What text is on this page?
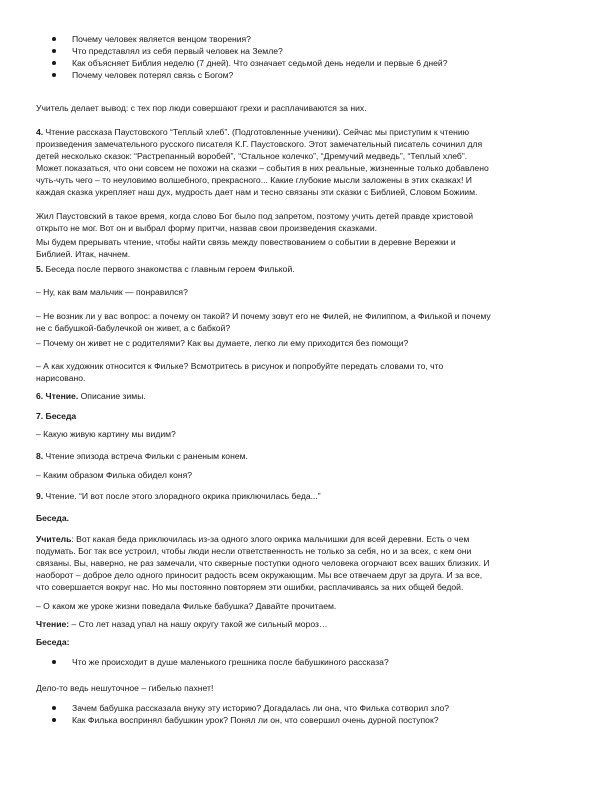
Почему человек является венцом творения?
Что представлял из себя первый человек на Земле?
Как объясняет Библия неделю (7 дней). Что означает седьмой день недели и первые 6 дней?
Почему человек потерял связь с Богом?

Учитель делает вывод: с тех пор люди совершают грехи и расплачиваются за них.

4. Чтение рассказа Паустовского “Теплый хлеб”. (Подготовленные ученики). Сейчас мы приступим к чтению
произведения замечательного русского писателя К.Г. Паустовского. Этот замечательный писатель сочинил для
детей несколько сказок: “Растрепанный воробей”, “Стальное колечко”, “Дремучий медведь”, “Теплый хлеб”.
Может показаться, что они совсем не похожи на сказки – события в них реальные, жизненные только добавлено
чуть-чуть чего – то неуловимо волшебного, прекрасного... Какие глубокие мысли заложены в этих сказках! И
каждая сказка укрепляет наш дух, мудрость дает нам и тесно связаны эти сказки с Библией, Словом Божиим.

Жил Паустовский в такое время, когда слово Бог было под запретом, поэтому учить детей правде христовой
открыто не мог. Вот он и выбрал форму притчи, назвав свои произведения сказками.

Мы будем прерывать чтение, чтобы найти связь между повествованием о событии в деревне Вережки и
Библией. Итак, начнем.

5. Беседа после первого знакомства с главным героем Филькой.

– Ну, как вам мальчик — понравился?

– Не возник ли у вас вопрос: а почему он такой? И почему зовут его не Филей, не Филиппом, а Филькой и почему
не с бабушкой-бабулечкой он живет, а с бабкой?

– Почему он живет не с родителями? Как вы думаете, легко ли ему приходится без помощи?

– А как художник относится к Фильке? Всмотритесь в рисунок и попробуйте передать словами то, что
нарисовано.

6. Чтение. Описание зимы.

7. Беседа

– Какую живую картину мы видим?

8. Чтение эпизода встреча Фильки с раненым конем.

– Каким образом Филька обидел коня?

9. Чтение. “И вот после этого злорадного окрика приключилась беда...”

Беседа.

Учитель: Вот какая беда приключилась из-за одного злого окрика мальчишки для всей деревни. Есть о чем
подумать. Бог так все устроил, чтобы люди несли ответственность не только за себя, но и за всех, с кем они
связаны. Вы, наверно, не раз замечали, что скверные поступки одного человека огорчают всех ваших близких. И
наоборот – доброе дело одного приносит радость всем окружающим. Мы все отвечаем друг за друга. И за все,
что совершается вокруг нас. Но мы постоянно повторяем эти ошибки, расплачиваясь за них общей бедой.

– О каком же уроке жизни поведала Фильке бабушка? Давайте прочитаем.

Чтение: – Сто лет назад упал на нашу округу такой же сильный мороз…

Беседа:

Что же происходит в душе маленького грешника после бабушкиного рассказа?

Дело-то ведь нешуточное – гибелью пахнет!

Зачем бабушка рассказала внуку эту историю? Догадалась ли она, что Филька сотворил зло?
Как Филька воспринял бабушкин урок? Понял ли он, что совершил очень дурной поступок?
